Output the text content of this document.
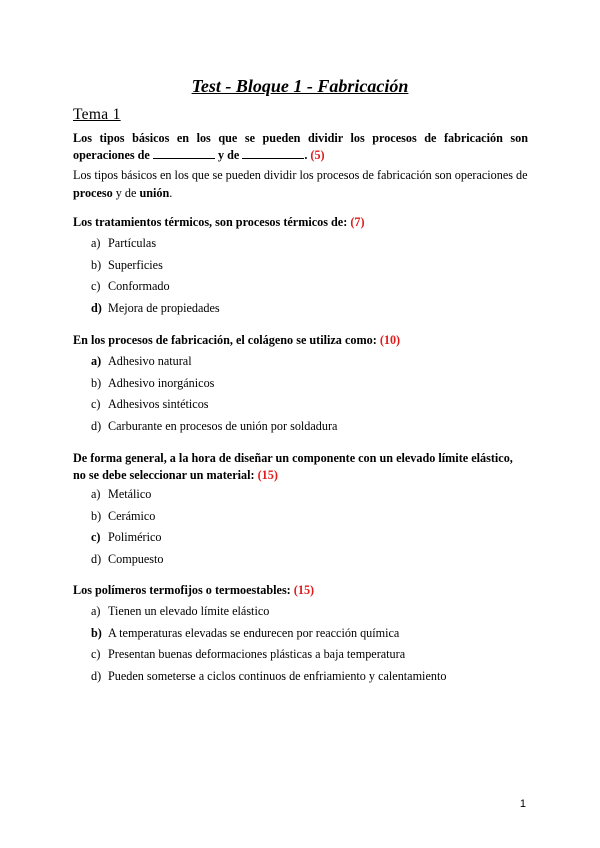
Test - Bloque 1 - Fabricación
Tema 1
Los tipos básicos en los que se pueden dividir los procesos de fabricación son operaciones de	y de	. (5)
Los tipos básicos en los que se pueden dividir los procesos de fabricación son operaciones de proceso y de unión.
Los tratamientos térmicos, son procesos térmicos de: (7)
a) Partículas
b) Superficies
c) Conformado
d) Mejora de propiedades
En los procesos de fabricación, el colágeno se utiliza como: (10)
a) Adhesivo natural
b) Adhesivo inorgánicos
c) Adhesivos sintéticos
d) Carburante en procesos de unión por soldadura
De forma general, a la hora de diseñar un componente con un elevado límite elástico, no se debe seleccionar un material: (15)
a) Metálico
b) Cerámico
c) Polimérico
d) Compuesto
Los polímeros termofijos o termoestables: (15)
a) Tienen un elevado límite elástico
b) A temperaturas elevadas se endurecen por reacción química
c) Presentan buenas deformaciones plásticas a baja temperatura
d) Pueden someterse a ciclos continuos de enfriamiento y calentamiento
1
